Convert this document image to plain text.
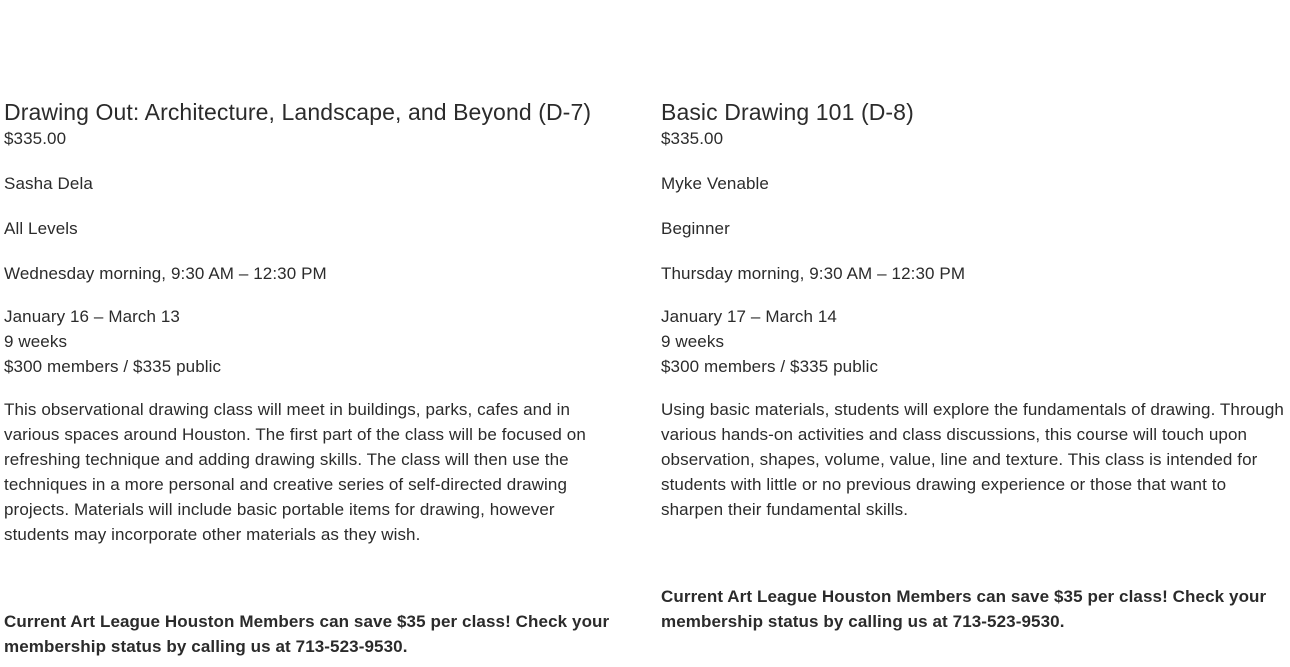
Drawing Out: Architecture, Landscape, and Beyond (D-7)
$335.00
Sasha Dela
All Levels
Wednesday morning, 9:30 AM – 12:30 PM
January 16 – March 13
9 weeks
$300 members / $335 public
This observational drawing class will meet in buildings, parks, cafes and in various spaces around Houston. The first part of the class will be focused on refreshing technique and adding drawing skills. The class will then use the techniques in a more personal and creative series of self-directed drawing projects. Materials will include basic portable items for drawing, however students may incorporate other materials as they wish.
Current Art League Houston Members can save $35 per class! Check your membership status by calling us at 713-523-9530.
Basic Drawing 101 (D-8)
$335.00
Myke Venable
Beginner
Thursday morning, 9:30 AM – 12:30 PM
January 17 – March 14
9 weeks
$300 members / $335 public
Using basic materials, students will explore the fundamentals of drawing. Through various hands-on activities and class discussions, this course will touch upon observation, shapes, volume, value, line and texture. This class is intended for students with little or no previous drawing experience or those that want to sharpen their fundamental skills.
Current Art League Houston Members can save $35 per class! Check your membership status by calling us at 713-523-9530.
